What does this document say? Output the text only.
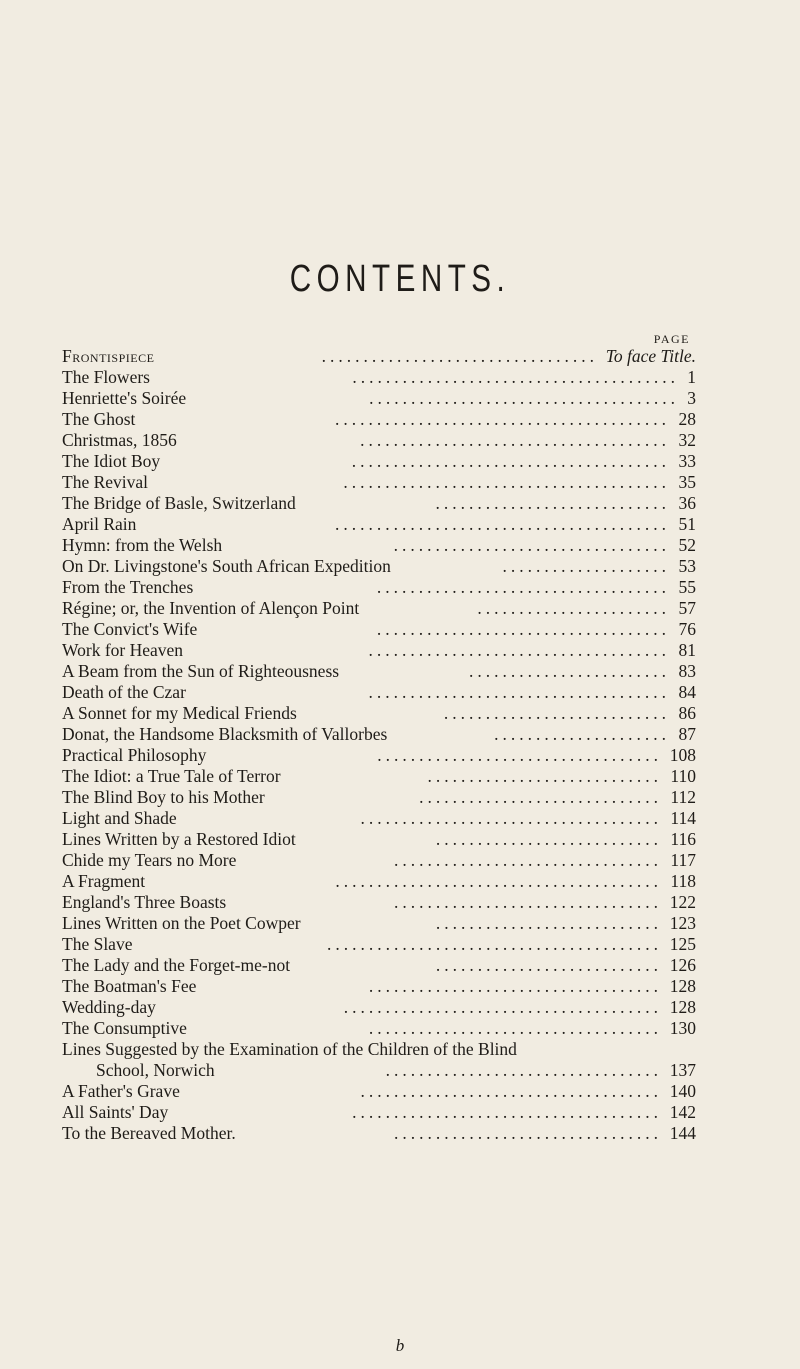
CONTENTS.
PAGE
Frontispiece	................................. To face Title.
The Flowers	....................................... 1
Henriette's Soirée	..................................... 3
The Ghost	........................................ 28
Christmas, 1856	..................................... 32
The Idiot Boy	...................................... 33
The Revival	....................................... 35
The Bridge of Basle, Switzerland	............................ 36
April Rain	........................................ 51
Hymn: from the Welsh	................................. 52
On Dr. Livingstone's South African Expedition	.................... 53
From the Trenches	................................... 55
Régine; or, the Invention of Alençon Point	....................... 57
The Convict's Wife	................................... 76
Work for Heaven	.................................... 81
A Beam from the Sun of Righteousness	........................ 83
Death of the Czar	.................................... 84
A Sonnet for my Medical Friends	........................... 86
Donat, the Handsome Blacksmith of Vallorbes	..................... 87
Practical Philosophy	.................................. 108
The Idiot: a True Tale of Terror	............................ 110
The Blind Boy to his Mother	............................. 112
Light and Shade	.................................... 114
Lines Written by a Restored Idiot	........................... 116
Chide my Tears no More	................................ 117
A Fragment	....................................... 118
England's Three Boasts	................................ 122
Lines Written on the Poet Cowper	........................... 123
The Slave	........................................ 125
The Lady and the Forget-me-not	........................... 126
The Boatman's Fee	................................... 128
Wedding-day	...................................... 128
The Consumptive	................................... 130
Lines Suggested by the Examination of the Children of the Blind
School, Norwich	................................. 137
A Father's Grave	.................................... 140
All Saints' Day	..................................... 142
To the Bereaved Mother.	................................ 144
b
